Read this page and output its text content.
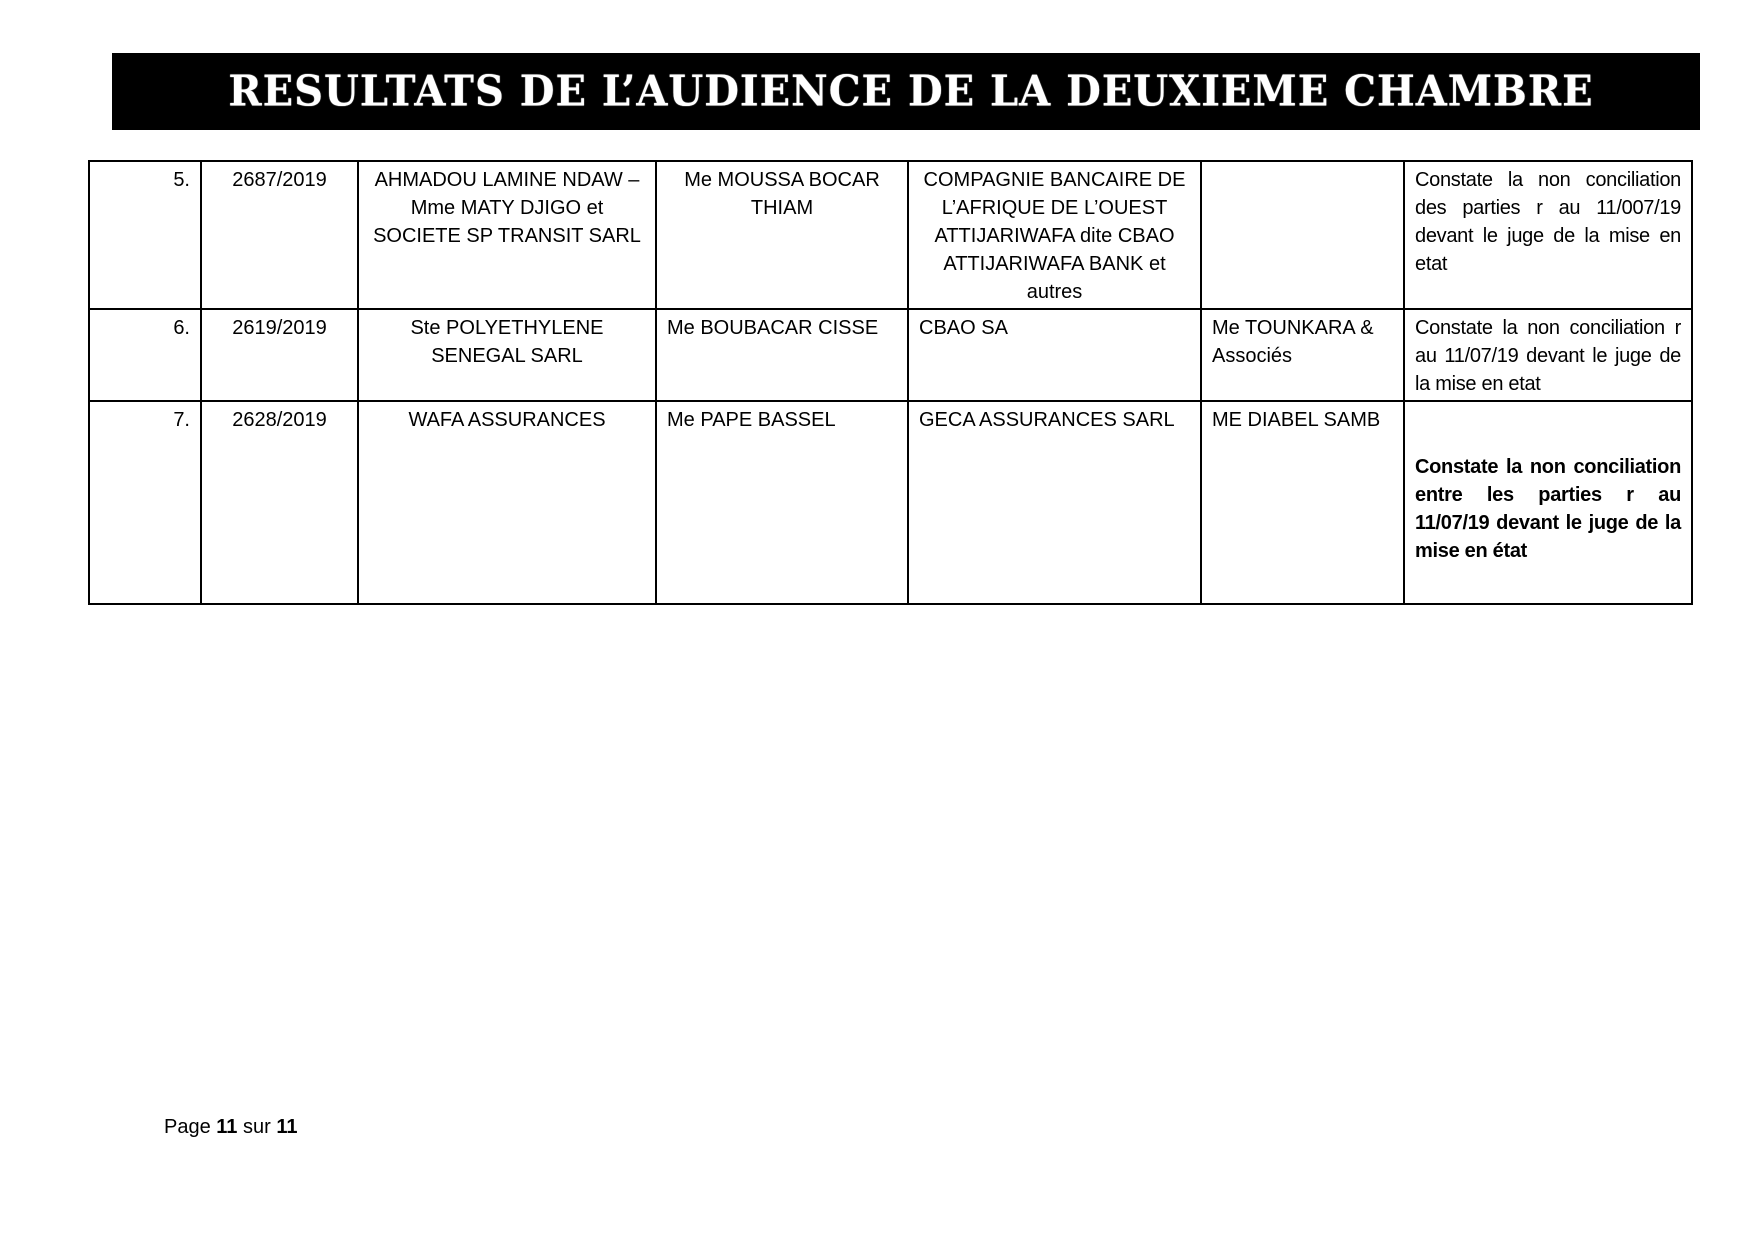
RESULTATS DE L’AUDIENCE DE LA DEUXIEME CHAMBRE
5.	2687/2019	AHMADOU LAMINE NDAW – Mme MATY DJIGO et SOCIETE SP TRANSIT SARL	Me MOUSSA BOCAR THIAM	COMPAGNIE BANCAIRE DE L’AFRIQUE DE L’OUEST ATTIJARIWAFA dite CBAO ATTIJARIWAFA BANK et autres		Constate la non conciliation des parties r au 11/007/19 devant le juge de la mise en etat
6.	2619/2019	Ste POLYETHYLENE SENEGAL SARL	Me BOUBACAR CISSE	CBAO SA	Me TOUNKARA & Associés	Constate la non conciliation r au 11/07/19 devant le juge de la mise en etat
7.	2628/2019	WAFA ASSURANCES	Me PAPE BASSEL	GECA ASSURANCES SARL	ME DIABEL SAMB	Constate la non conciliation entre les parties r au 11/07/19 devant le juge de la mise en état
Page 11 sur 11
